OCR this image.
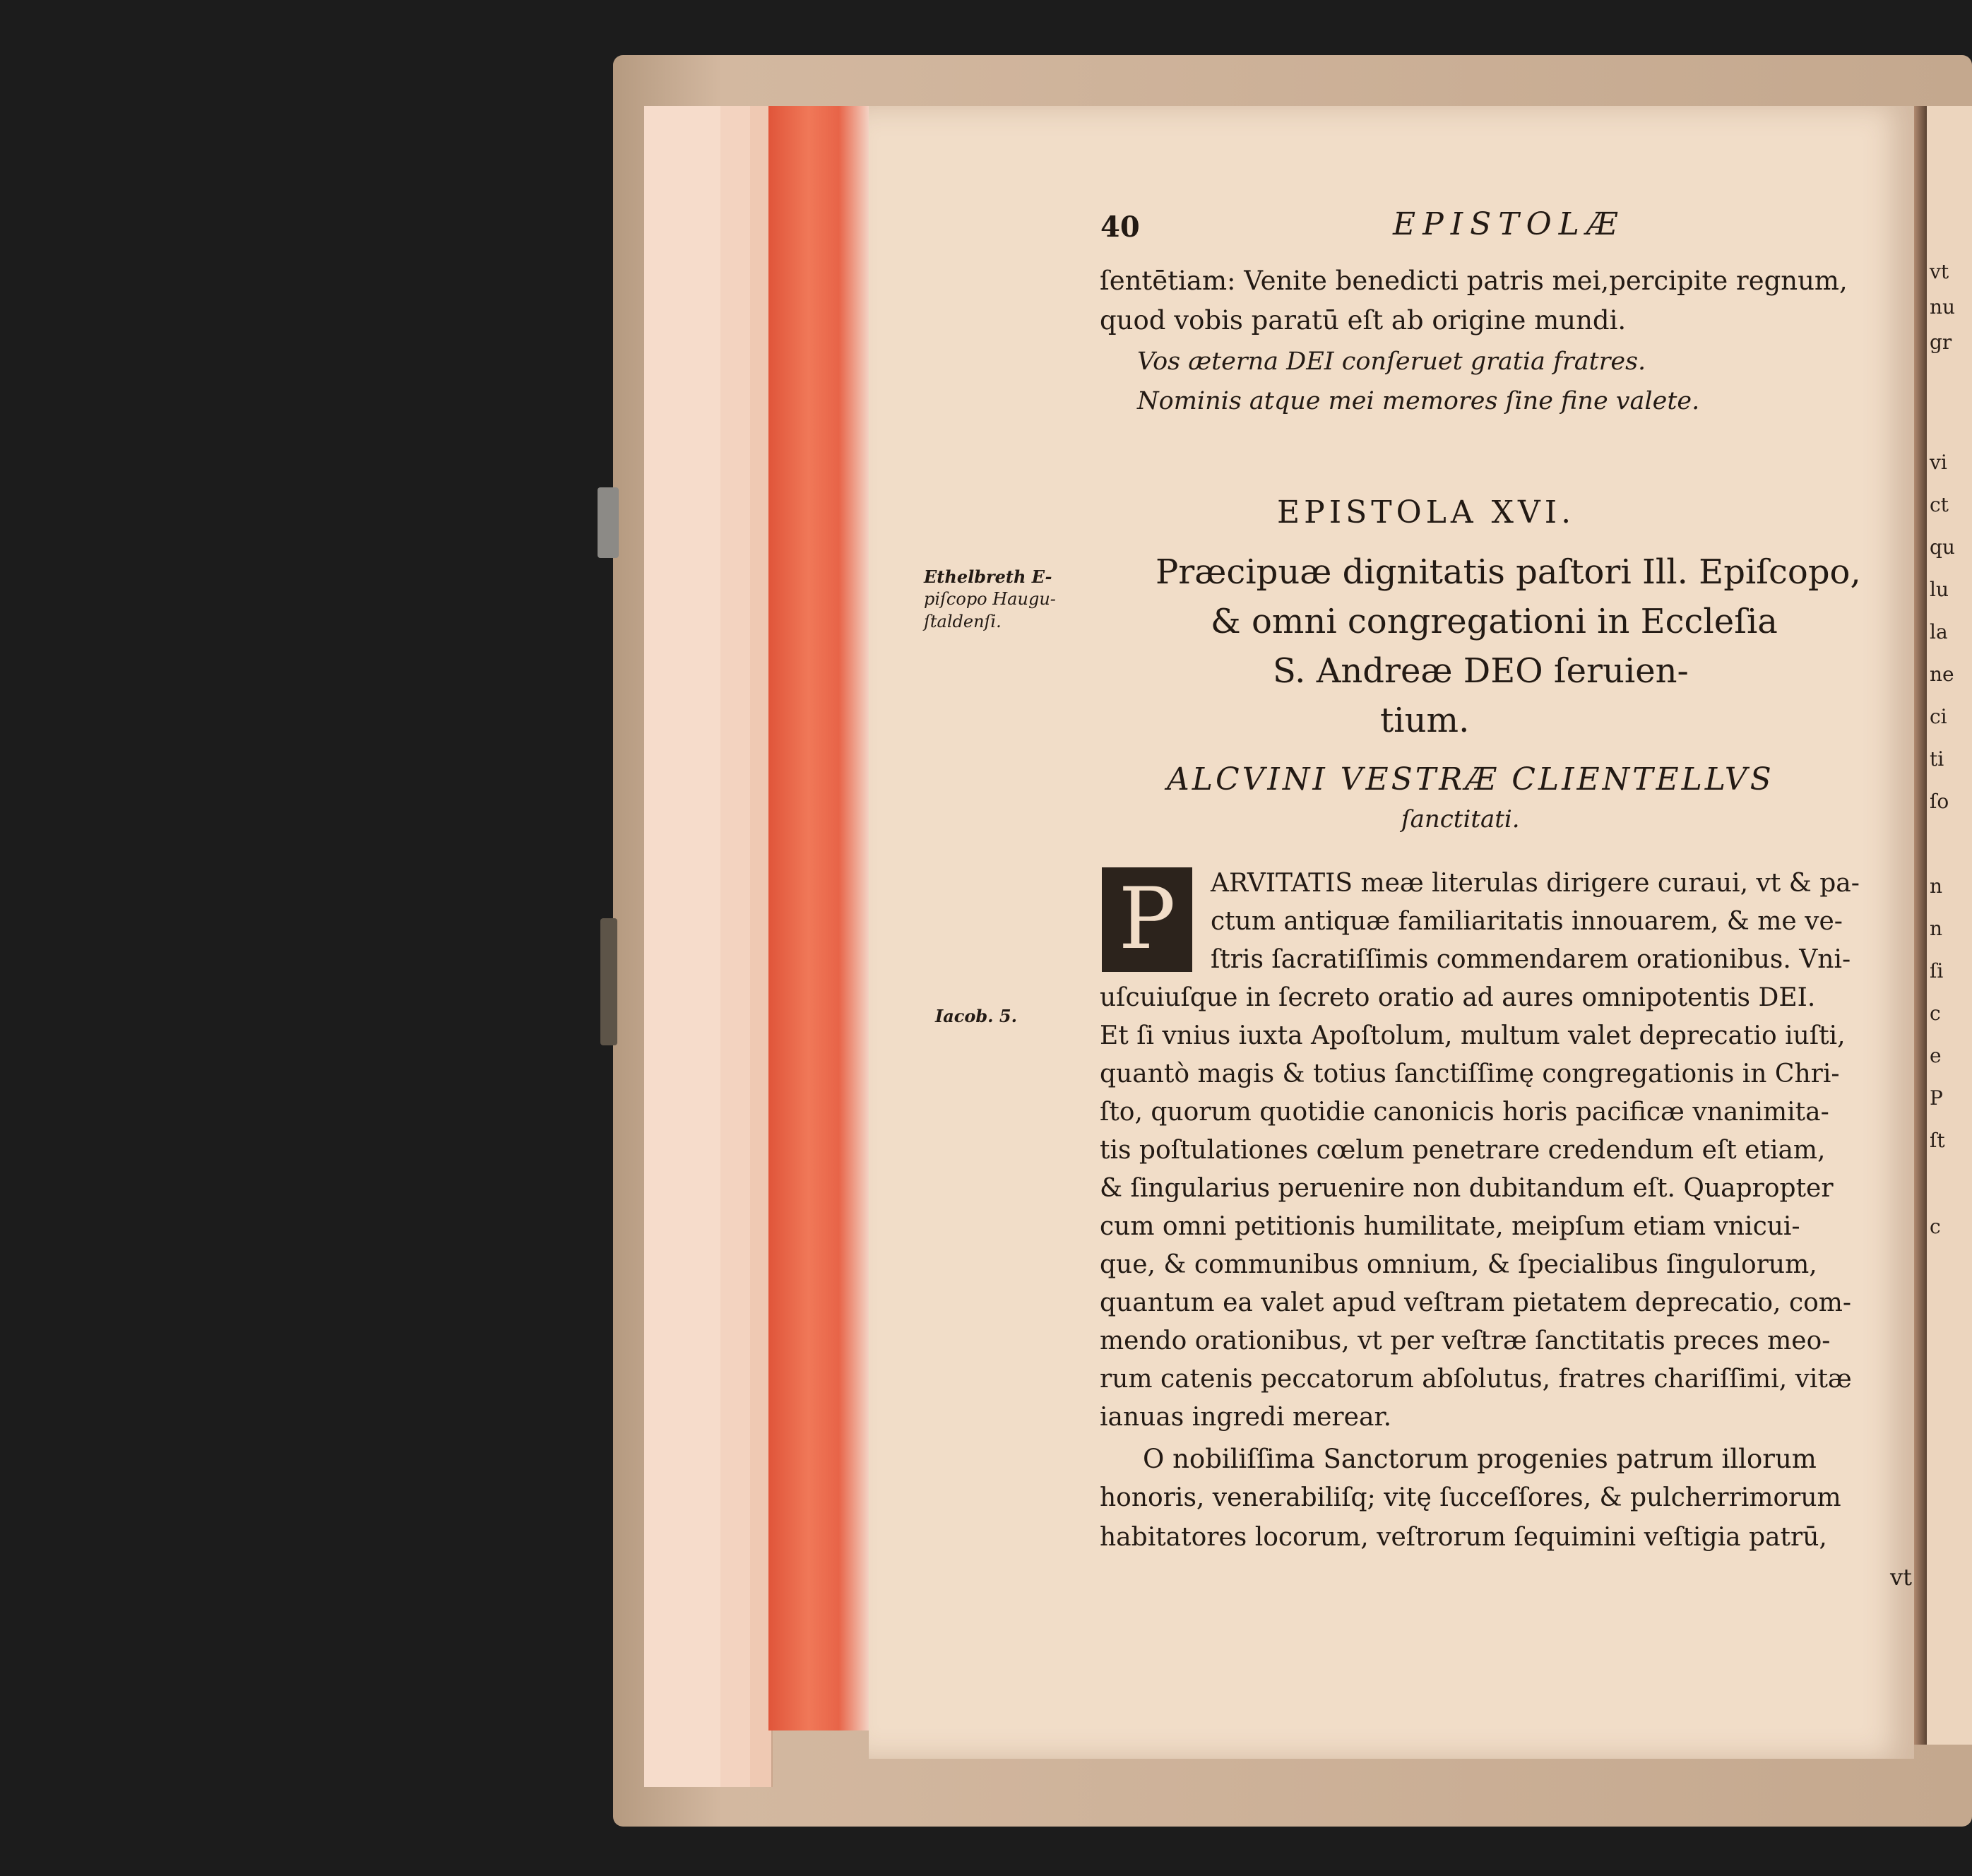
vt
nu
gr
vi
ct
qu
lu
la
ne
ci
ti
ſo
n
n
ſi
c
e
P
ſt
c
40	EPISTOLÆ
ſentētiam: Venite benedicti patris mei,percipite regnum,
quod vobis paratū eſt ab origine mundi.
Vos æterna DEI conſeruet gratia fratres.
Nominis atque mei memores ſine fine valete.
EPISTOLA XVI.
Præcipuæ dignitatis paſtori Ill. Epiſcopo,
& omni congregationi in Eccleſia
S. Andreæ DEO ſeruien-
tium.
ALCVINI VESTRÆ CLIENTELLVS
ſanctitati.
Ethelbreth E-
piſcopo Haugu-
ſtaldenſi.
Iacob. 5.
P	ARVITATIS meæ literulas dirigere curaui, vt & pa-
ctum antiquæ familiaritatis innouarem, & me ve-
ſtris ſacratiſſimis commendarem orationibus. Vni-
uſcuiuſque in ſecreto oratio ad aures omnipotentis DEI.
Et ſi vnius iuxta Apoſtolum, multum valet deprecatio iuſti,
quantò magis & totius ſanctiſſimę congregationis in Chri-
ſto, quorum quotidie canonicis horis pacificæ vnanimita-
tis poſtulationes cœlum penetrare credendum eſt etiam,
& ſingularius peruenire non dubitandum eſt. Quapropter
cum omni petitionis humilitate, meipſum etiam vnicui-
que, & communibus omnium, & ſpecialibus ſingulorum,
quantum ea valet apud veſtram pietatem deprecatio, com-
mendo orationibus, vt per veſtræ ſanctitatis preces meo-
rum catenis peccatorum abſolutus, fratres chariſſimi, vitæ
ianuas ingredi merear.
O nobiliſſima Sanctorum progenies patrum illorum
honoris, venerabiliſq; vitę ſucceſſores, & pulcherrimorum
habitatores locorum, veſtrorum ſequimini veſtigia patrū,
vt
